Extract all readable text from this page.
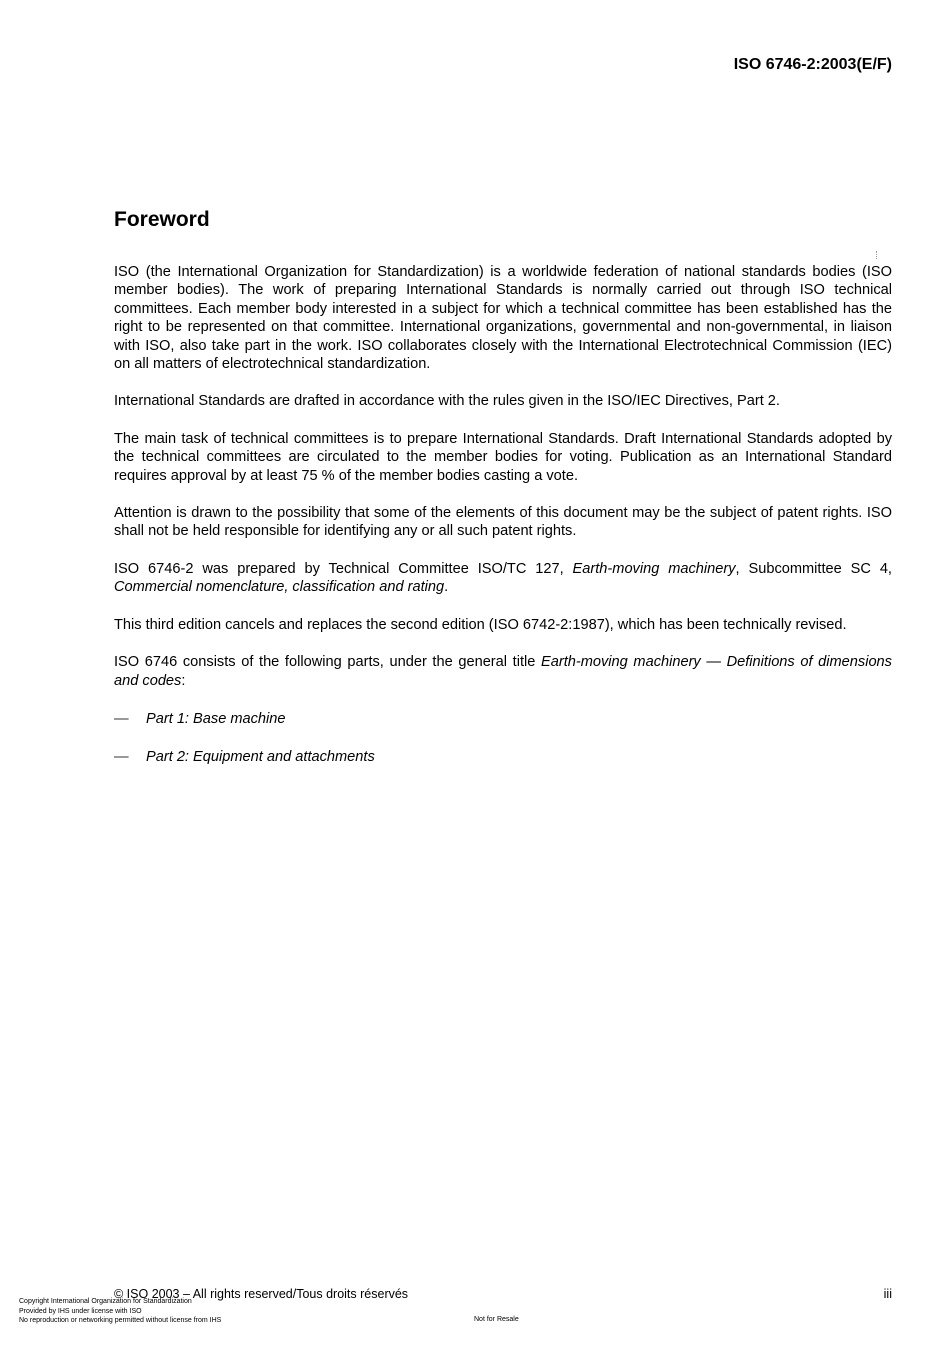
ISO 6746-2:2003(E/F)

Foreword

ISO (the International Organization for Standardization) is a worldwide federation of national standards bodies (ISO member bodies). The work of preparing International Standards is normally carried out through ISO technical committees. Each member body interested in a subject for which a technical committee has been established has the right to be represented on that committee. International organizations, governmental and non-governmental, in liaison with ISO, also take part in the work. ISO collaborates closely with the International Electrotechnical Commission (IEC) on all matters of electrotechnical standardization.

International Standards are drafted in accordance with the rules given in the ISO/IEC Directives, Part 2.

The main task of technical committees is to prepare International Standards. Draft International Standards adopted by the technical committees are circulated to the member bodies for voting. Publication as an International Standard requires approval by at least 75 % of the member bodies casting a vote.

Attention is drawn to the possibility that some of the elements of this document may be the subject of patent rights. ISO shall not be held responsible for identifying any or all such patent rights.

ISO 6746-2 was prepared by Technical Committee ISO/TC 127, Earth-moving machinery, Subcommittee SC 4, Commercial nomenclature, classification and rating.

This third edition cancels and replaces the second edition (ISO 6742-2:1987), which has been technically revised.

ISO 6746 consists of the following parts, under the general title Earth-moving machinery — Definitions of dimensions and codes:

— Part 1: Base machine
— Part 2: Equipment and attachments
© ISO 2003 – All rights reserved/Tous droits réservés	iii
Copyright International Organization for Standardization
Provided by IHS under license with ISO
No reproduction or networking permitted without license from IHS	Not for Resale
